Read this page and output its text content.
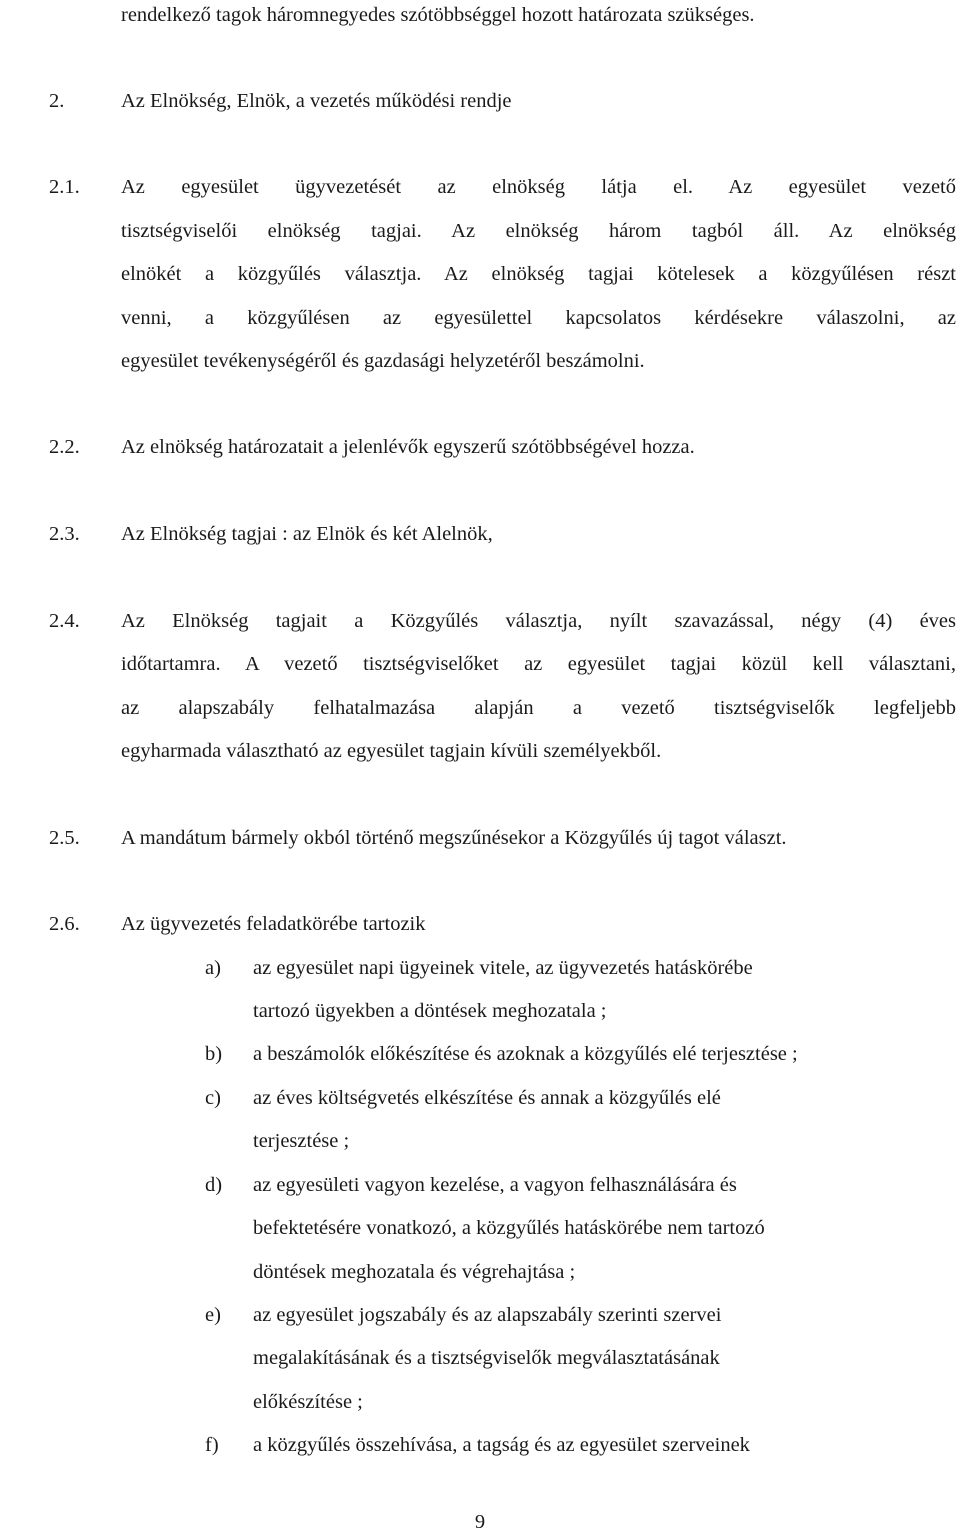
rendelkező tagok háromnegyedes szótöbbséggel hozott határozata szükséges.

2.	Az Elnökség, Elnök, a vezetés működési rendje

2.1. Az egyesület ügyvezetését az elnökség látja el. Az egyesület vezető

tisztségviselői elnökség tagjai. Az elnökség három tagból áll. Az elnökség

elnökét a közgyűlés választja. Az elnökség tagjai kötelesek a közgyűlésen részt

venni, a közgyűlésen az egyesülettel kapcsolatos kérdésekre válaszolni, az

egyesület tevékenységéről és gazdasági helyzetéről beszámolni.

2.2. Az elnökség határozatait a jelenlévők egyszerű szótöbbségével hozza.

2.3. Az Elnökség tagjai : az Elnök és két Alelnök,

2.4. Az Elnökség tagjait a Közgyűlés választja, nyílt szavazással, négy (4) éves

időtartamra. A vezető tisztségviselőket az egyesület tagjai közül kell választani,

az alapszabály felhatalmazása alapján a vezető tisztségviselők legfeljebb

egyharmada választható az egyesület tagjain kívüli személyekből.

2.5. A mandátum bármely okból történő megszűnésekor a Közgyűlés új tagot választ.

2.6. Az ügyvezetés feladatkörébe tartozik

a) az egyesület napi ügyeinek vitele, az ügyvezetés hatáskörébe

tartozó ügyekben a döntések meghozatala ;

b) a beszámolók előkészítése és azoknak a közgyűlés elé terjesztése ;

c) az éves költségvetés elkészítése és annak a közgyűlés elé

terjesztése ;

d) az egyesületi vagyon kezelése, a vagyon felhasználására és

befektetésére vonatkozó, a közgyűlés hatáskörébe nem tartozó

döntések meghozatala és végrehajtása ;

e) az egyesület jogszabály és az alapszabály szerinti szervei

megalakításának és a tisztségviselők megválasztatásának

előkészítése ;

f) a közgyűlés összehívása, a tagság és az egyesület szerveinek

9
